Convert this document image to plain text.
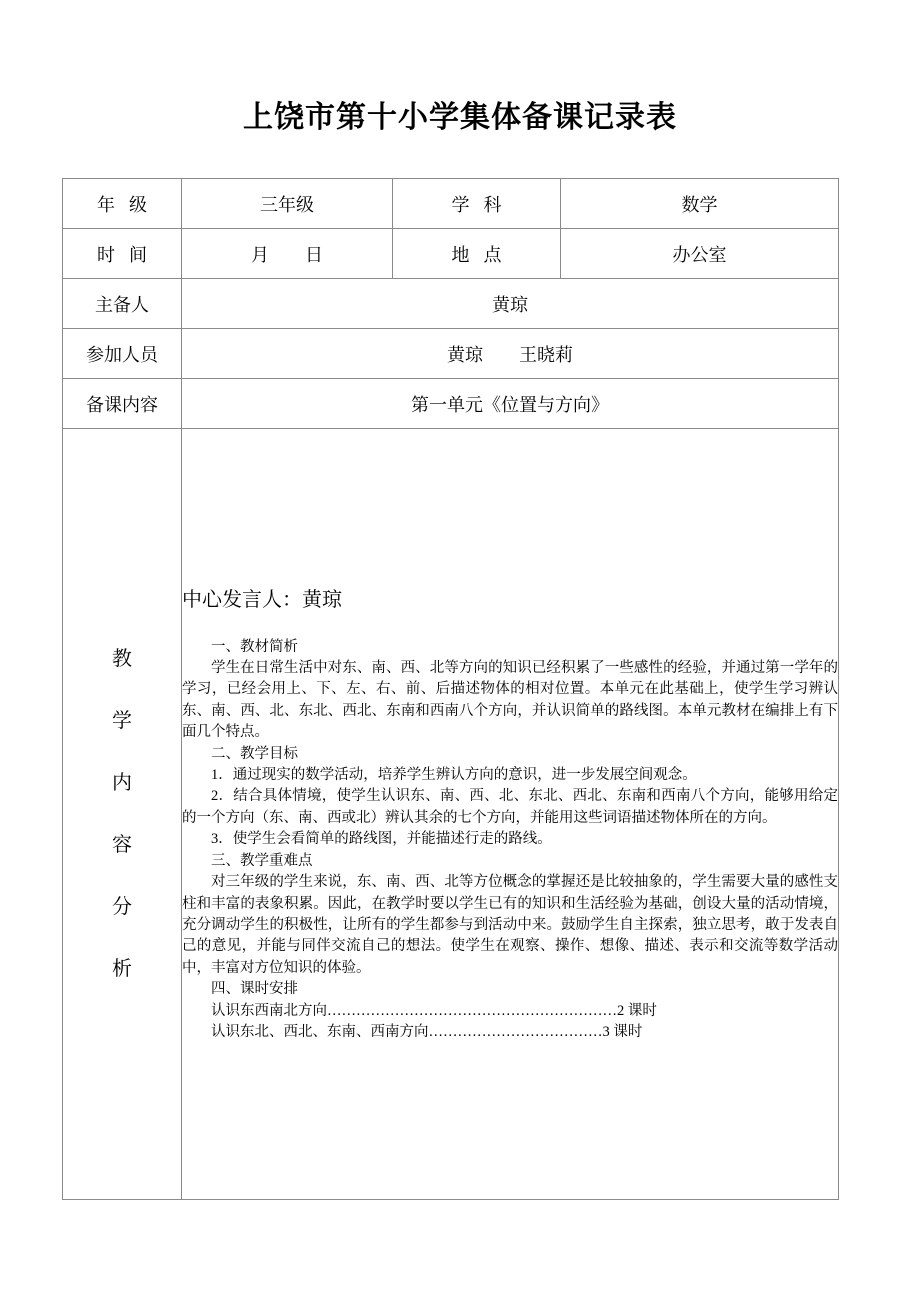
上饶市第十小学集体备课记录表
年级	三年级	学科	数学
时间	月　　日	地点	办公室
主备人	黄琼		
参加人员	黄琼　　王晓莉		
备课内容	第一单元《位置与方向》		

教
学
内
容
分
析

中心发言人：黄琼

一、教材简析

学生在日常生活中对东、南、西、北等方向的知识已经积累了一些感性的经验，并通过第一学年的学习，已经会用上、下、左、右、前、后描述物体的相对位置。本单元在此基础上，使学生学习辨认东、南、西、北、东北、西北、东南和西南八个方向，并认识简单的路线图。本单元教材在编排上有下面几个特点。

二、教学目标

1．通过现实的数学活动，培养学生辨认方向的意识，进一步发展空间观念。

2．结合具体情境，使学生认识东、南、西、北、东北、西北、东南和西南八个方向，能够用给定的一个方向（东、南、西或北）辨认其余的七个方向，并能用这些词语描述物体所在的方向。

3．使学生会看简单的路线图，并能描述行走的路线。

三、教学重难点

对三年级的学生来说，东、南、西、北等方位概念的掌握还是比较抽象的，学生需要大量的感性支柱和丰富的表象积累。因此，在教学时要以学生已有的知识和生活经验为基础，创设大量的活动情境，充分调动学生的积极性，让所有的学生都参与到活动中来。鼓励学生自主探索，独立思考，敢于发表自己的意见，并能与同伴交流自己的想法。使学生在观察、操作、想像、描述、表示和交流等数学活动中，丰富对方位知识的体验。

四、课时安排

认识东西南北方向……………………………………………………2 课时

认识东北、西北、东南、西南方向………………………………3 课时
